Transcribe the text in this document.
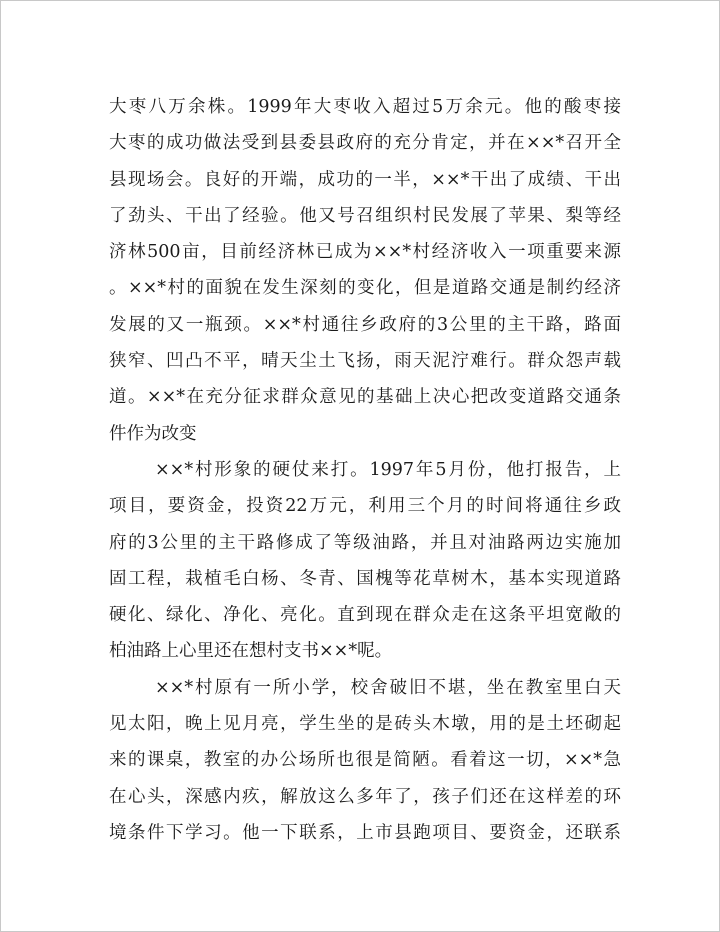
大枣八万余株。1999年大枣收入超过5万余元。他的酸枣接
大枣的成功做法受到县委县政府的充分肯定，并在××*召开全
县现场会。良好的开端，成功的一半，××*干出了成绩、干出
了劲头、干出了经验。他又号召组织村民发展了苹果、梨等经
济林500亩，目前经济林已成为××*村经济收入一项重要来源
。××*村的面貌在发生深刻的变化，但是道路交通是制约经济
发展的又一瓶颈。××*村通往乡政府的3公里的主干路，路面
狭窄、凹凸不平，晴天尘土飞扬，雨天泥泞难行。群众怨声载
道。××*在充分征求群众意见的基础上决心把改变道路交通条
件作为改变
××*村形象的硬仗来打。1997年5月份，他打报告，上
项目，要资金，投资22万元，利用三个月的时间将通往乡政
府的3公里的主干路修成了等级油路，并且对油路两边实施加
固工程，栽植毛白杨、冬青、国槐等花草树木，基本实现道路
硬化、绿化、净化、亮化。直到现在群众走在这条平坦宽敞的
柏油路上心里还在想村支书××*呢。
××*村原有一所小学，校舍破旧不堪，坐在教室里白天
见太阳，晚上见月亮，学生坐的是砖头木墩，用的是土坯砌起
来的课桌，教室的办公场所也很是简陋。看着这一切，××*急
在心头，深感内疚，解放这么多年了，孩子们还在这样差的环
境条件下学习。他一下联系，上市县跑项目、要资金，还联系
